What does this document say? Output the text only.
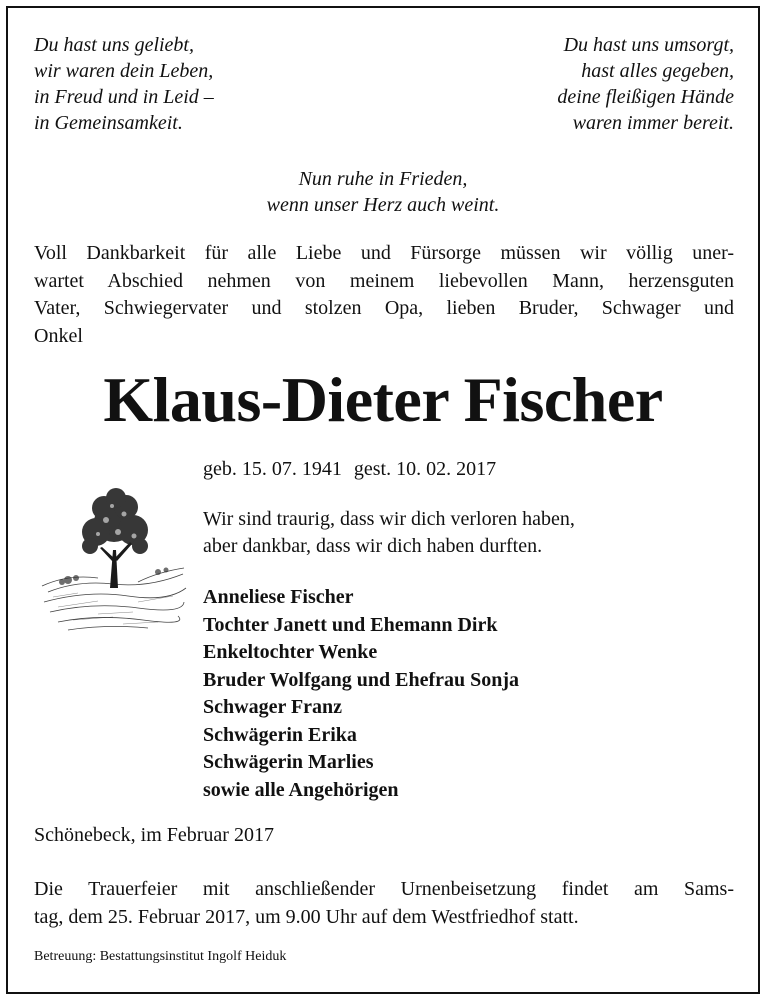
Du hast uns geliebt,
wir waren dein Leben,
in Freud und in Leid –
in Gemeinsamkeit.
Du hast uns umsorgt,
hast alles gegeben,
deine fleißigen Hände
waren immer bereit.
Nun ruhe in Frieden,
wenn unser Herz auch weint.
Voll Dankbarkeit für alle Liebe und Fürsorge müssen wir völlig uner-
wartet Abschied nehmen von meinem liebevollen Mann, herzensguten
Vater, Schwiegervater und stolzen Opa, lieben Bruder, Schwager und
Onkel
Klaus-Dieter Fischer
geb. 15. 07. 1941 gest. 10. 02. 2017
Wir sind traurig, dass wir dich verloren haben,
aber dankbar, dass wir dich haben durften.
Anneliese Fischer
Tochter Janett und Ehemann Dirk
Enkeltochter Wenke
Bruder Wolfgang und Ehefrau Sonja
Schwager Franz
Schwägerin Erika
Schwägerin Marlies
sowie alle Angehörigen
Schönebeck, im Februar 2017
Die Trauerfeier mit anschließender Urnenbeisetzung findet am Sams-
tag, dem 25. Februar 2017, um 9.00 Uhr auf dem Westfriedhof statt.
Betreuung: Bestattungsinstitut Ingolf Heiduk
